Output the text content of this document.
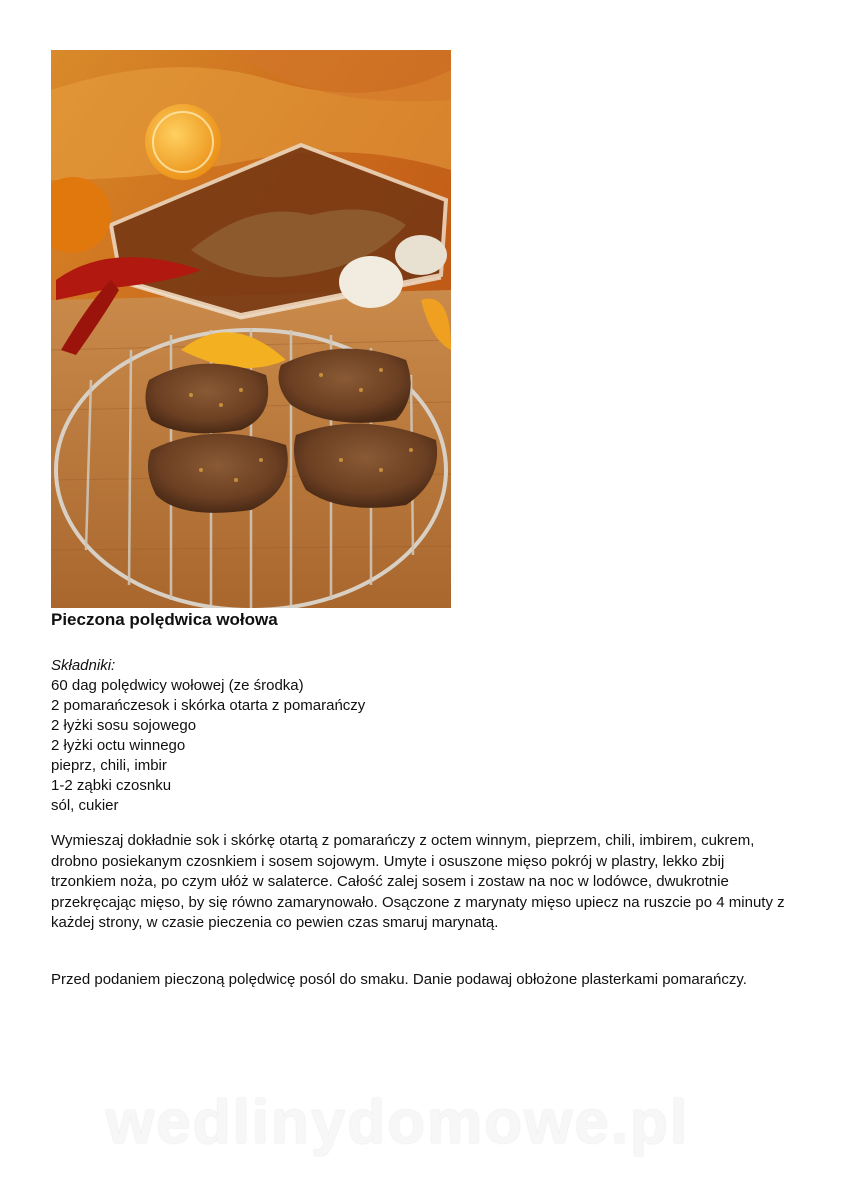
Pieczona polędwica wołowa
Składniki:
60 dag polędwicy wołowej (ze środka)
2 pomarańczesok i skórka otarta z pomarańczy
2 łyżki sosu sojowego
2 łyżki octu winnego
pieprz, chili, imbir
1-2 ząbki czosnku
sól, cukier

Wymieszaj dokładnie sok i skórkę otartą z pomarańczy z octem winnym, pieprzem, chili, imbirem, cukrem, drobno posiekanym czosnkiem i sosem sojowym. Umyte i osuszone mięso pokrój w plastry, lekko zbij trzonkiem noża, po czym ułóż w salaterce. Całość zalej sosem i zostaw na noc w lodówce, dwukrotnie przekręcając mięso, by się równo zamarynowało. Osączone z marynaty mięso upiecz na ruszcie po 4 minuty z każdej strony, w czasie pieczenia co pewien czas smaruj marynatą.

Przed podaniem pieczoną polędwicę posól do smaku. Danie podawaj obłożone plasterkami pomarańczy.

wedlinydomowe.pl
